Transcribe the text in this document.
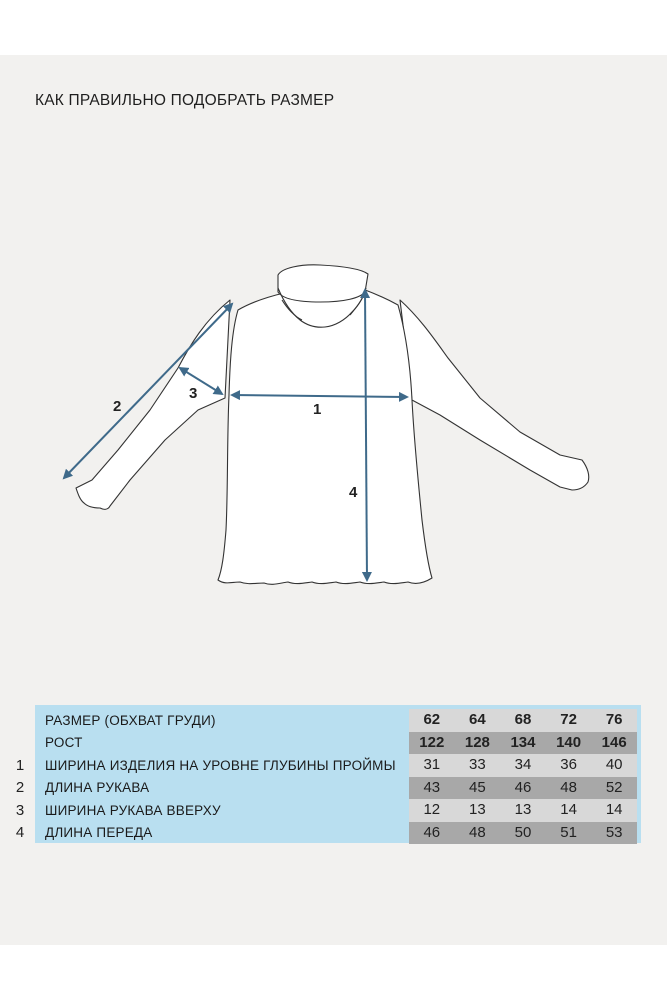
КАК ПРАВИЛЬНО ПОДОБРАТЬ РАЗМЕР
2
3
1
4
РАЗМЕР (ОБХВАТ ГРУДИ)	62	64	68	72	76
РОСТ	122	128	134	140	146
1 ШИРИНА ИЗДЕЛИЯ НА УРОВНЕ ГЛУБИНЫ ПРОЙМЫ	31	33	34	36	40
2 ДЛИНА РУКАВА	43	45	46	48	52
3 ШИРИНА РУКАВА ВВЕРХУ	12	13	13	14	14
4 ДЛИНА ПЕРЕДА	46	48	50	51	53
